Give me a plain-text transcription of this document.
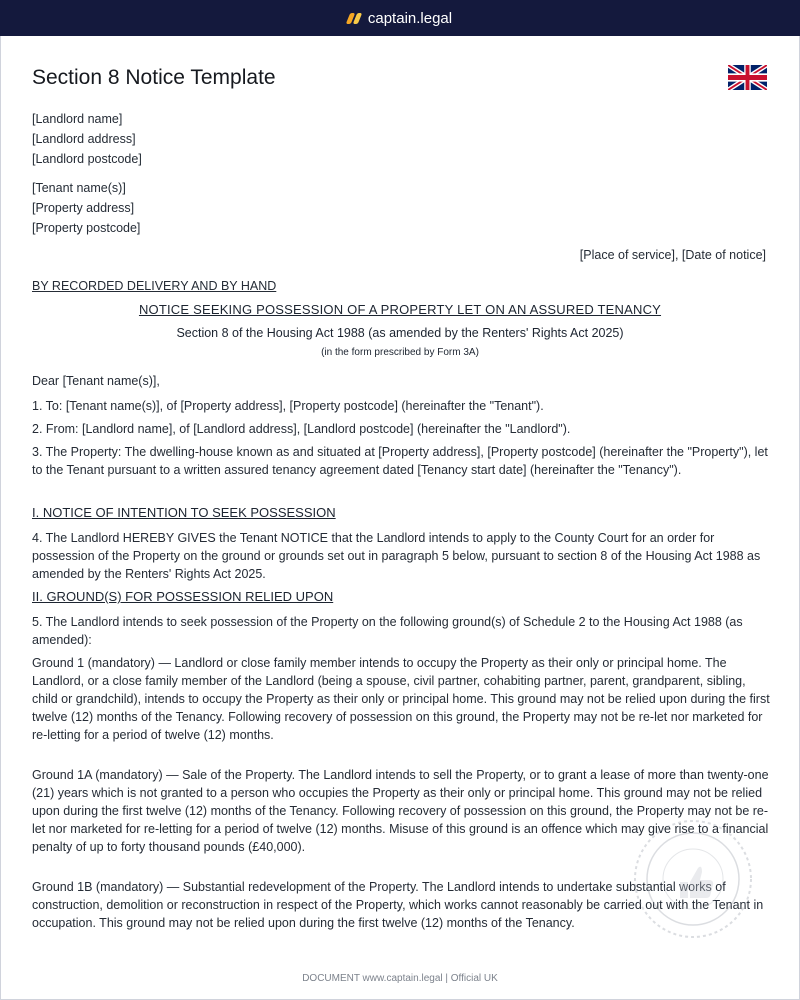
captain.legal
Section 8 Notice Template
[Landlord name]
[Landlord address]
[Landlord postcode]
[Tenant name(s)]
[Property address]
[Property postcode]
[Place of service], [Date of notice]
BY RECORDED DELIVERY AND BY HAND
NOTICE SEEKING POSSESSION OF A PROPERTY LET ON AN ASSURED TENANCY
Section 8 of the Housing Act 1988 (as amended by the Renters' Rights Act 2025)
(in the form prescribed by Form 3A)
Dear [Tenant name(s)],
1. To: [Tenant name(s)], of [Property address], [Property postcode] (hereinafter the "Tenant").
2. From: [Landlord name], of [Landlord address], [Landlord postcode] (hereinafter the "Landlord").
3. The Property: The dwelling-house known as and situated at [Property address], [Property postcode] (hereinafter the "Property"), let to the Tenant pursuant to a written assured tenancy agreement dated [Tenancy start date] (hereinafter the "Tenancy").
I. NOTICE OF INTENTION TO SEEK POSSESSION
4. The Landlord HEREBY GIVES the Tenant NOTICE that the Landlord intends to apply to the County Court for an order for possession of the Property on the ground or grounds set out in paragraph 5 below, pursuant to section 8 of the Housing Act 1988 as amended by the Renters' Rights Act 2025.
II. GROUND(S) FOR POSSESSION RELIED UPON
5. The Landlord intends to seek possession of the Property on the following ground(s) of Schedule 2 to the Housing Act 1988 (as amended):
Ground 1 (mandatory) — Landlord or close family member intends to occupy the Property as their only or principal home. The Landlord, or a close family member of the Landlord (being a spouse, civil partner, cohabiting partner, parent, grandparent, sibling, child or grandchild), intends to occupy the Property as their only or principal home. This ground may not be relied upon during the first twelve (12) months of the Tenancy. Following recovery of possession on this ground, the Property may not be re-let nor marketed for re-letting for a period of twelve (12) months.
Ground 1A (mandatory) — Sale of the Property. The Landlord intends to sell the Property, or to grant a lease of more than twenty-one (21) years which is not granted to a person who occupies the Property as their only or principal home. This ground may not be relied upon during the first twelve (12) months of the Tenancy. Following recovery of possession on this ground, the Property may not be re-let nor marketed for re-letting for a period of twelve (12) months. Misuse of this ground is an offence which may give rise to a financial penalty of up to forty thousand pounds (£40,000).
Ground 1B (mandatory) — Substantial redevelopment of the Property. The Landlord intends to undertake substantial works of construction, demolition or reconstruction in respect of the Property, which works cannot reasonably be carried out with the Tenant in occupation. This ground may not be relied upon during the first twelve (12) months of the Tenancy.
DOCUMENT www.captain.legal | Official UK
